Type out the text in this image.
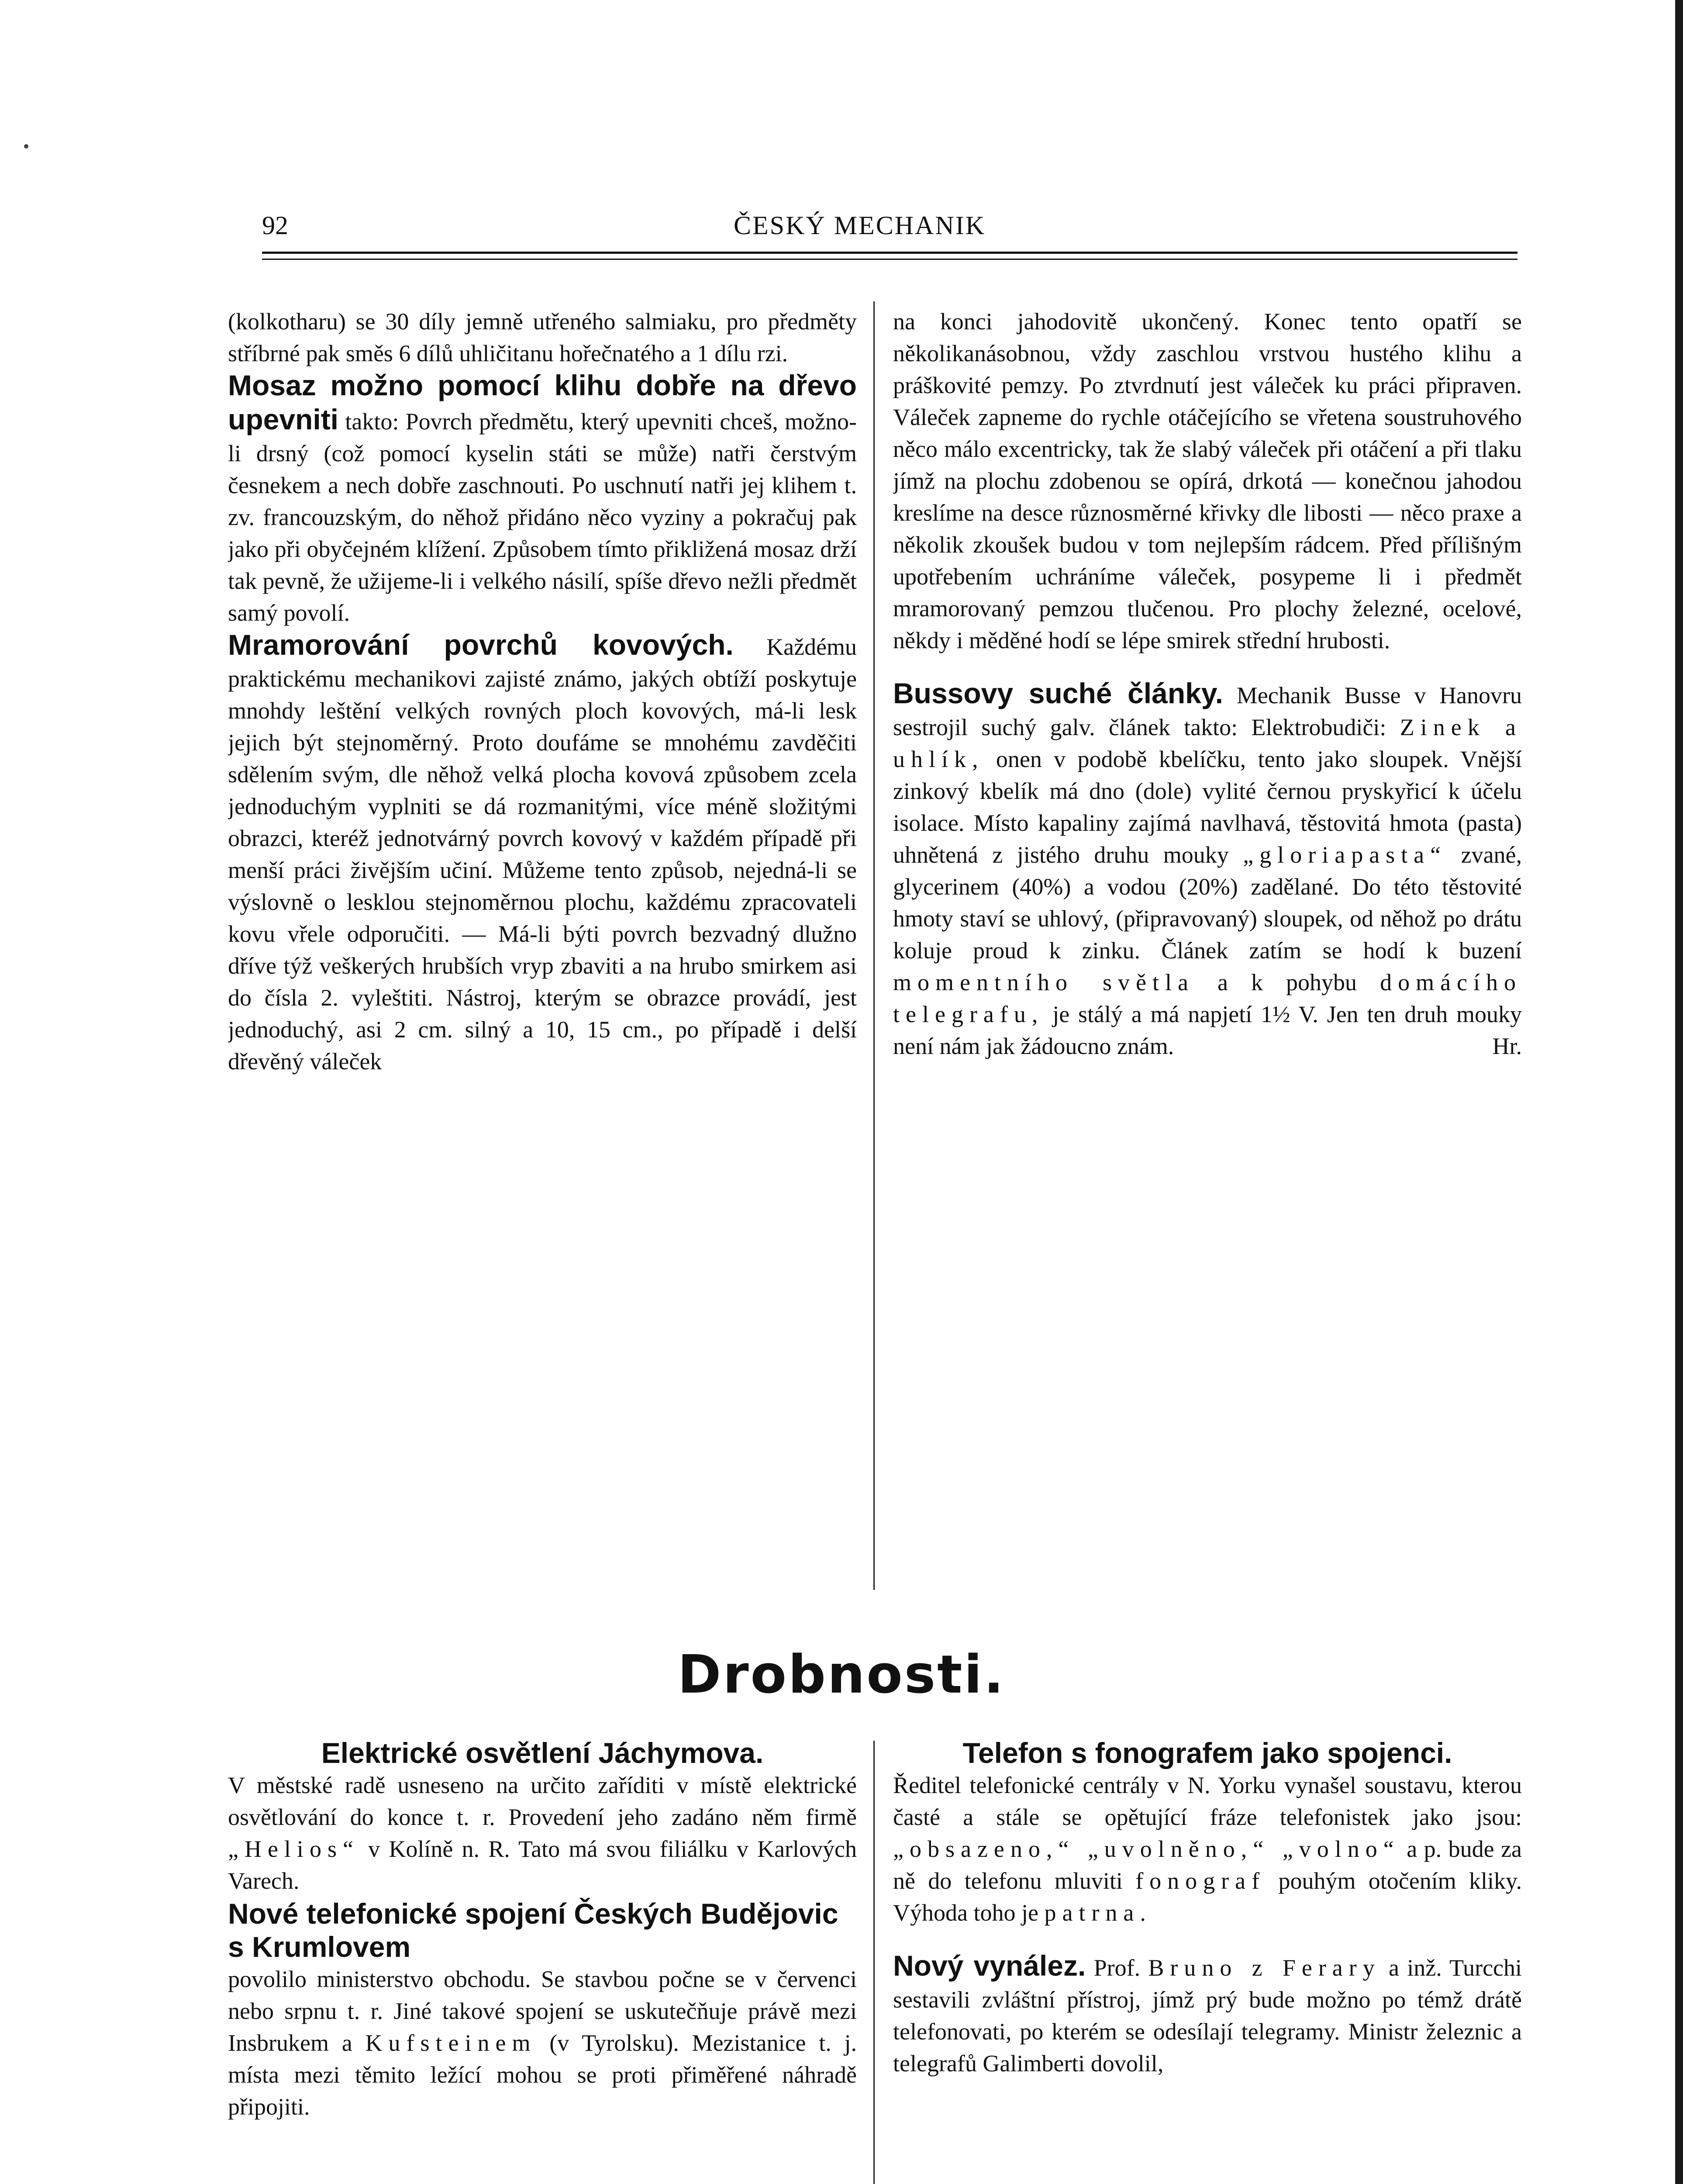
92	ČESKÝ MECHANIK

(kolkotharu) se 30 díly jemně utřeného salmiaku, pro předměty stříbrné pak směs 6 dílů uhličitanu hořečnatého a 1 dílu rzi.

Mosaz možno pomocí klihu dobře na dřevo upevniti takto: Povrch předmětu, který upevniti chceš, možno-li drsný (což pomocí kyselin státi se může) natři čerstvým česnekem a nech dobře zaschnouti. Po uschnutí natři jej klihem t. zv. francouzským, do něhož přidáno něco vyziny a pokračuj pak jako při obyčejném klížení. Způsobem tímto přikližená mosaz drží tak pevně, že užijeme-li i velkého násilí, spíše dřevo nežli předmět samý povolí.

Mramorování povrchů kovových. Každému praktickému mechanikovi zajisté známo, jakých obtíží poskytuje mnohdy leštění velkých rovných ploch kovových, má-li lesk jejich být stejnoměrný. Proto doufáme se mnohému zavděčiti sdělením svým, dle něhož velká plocha kovová způsobem zcela jednoduchým vyplniti se dá rozmanitými, více méně složitými obrazci, kteréž jednotvárný povrch kovový v každém případě při menší práci živějším učiní. Můžeme tento způsob, nejedná-li se výslovně o lesklou stejnoměrnou plochu, každému zpracovateli kovu vřele odporučiti. — Má-li býti povrch bezvadný dlužno dříve týž veškerých hrubších vryp zbaviti a na hrubo smirkem asi do čísla 2. vyleštiti. Nástroj, kterým se obrazce provádí, jest jednoduchý, asi 2 cm. silný a 10, 15 cm., po případě i delší dřevěný váleček

na konci jahodovitě ukončený. Konec tento opatří se několikanásobnou, vždy zaschlou vrstvou hustého klihu a práškovité pemzy. Po ztvrdnutí jest váleček ku práci připraven. Váleček zapneme do rychle otáčejícího se vřetena soustruhového něco málo excentricky, tak že slabý váleček při otáčení a při tlaku jímž na plochu zdobenou se opírá, drkotá — konečnou jahodou kreslíme na desce různosměrné křivky dle libosti — něco praxe a několik zkoušek budou v tom nejlepším rádcem. Před přílišným upotřebením uchráníme váleček, posypeme li i předmět mramorovaný pemzou tlučenou. Pro plochy železné, ocelové, někdy i měděné hodí se lépe smirek střední hrubosti.

Bussovy suché články. Mechanik Busse v Hanovru sestrojil suchý galv. článek takto: Elektrobudiči: Zinek a uhlík, onen v podobě kbelíčku, tento jako sloupek. Vnější zinkový kbelík má dno (dole) vylité černou pryskyřicí k účelu isolace. Místo kapaliny zajímá navlhavá, těstovitá hmota (pasta) uhnětená z jistého druhu mouky „gloriapasta“ zvané, glycerinem (40%) a vodou (20%) zadělané. Do této těstovité hmoty staví se uhlový, (připravovaný) sloupek, od něhož po drátu koluje proud k zinku. Článek zatím se hodí k buzení momentního světla a k pohybu domácího telegrafu, je stálý a má napjetí 1½ V. Jen ten druh mouky není nám jak žádoucno znám.	Hr.

Drobnosti.

Elektrické osvětlení Jáchymova.

V městské radě usneseno na určito zaříditi v místě elektrické osvětlování do konce t. r. Provedení jeho zadáno něm firmě „Helios“ v Kolíně n. R. Tato má svou filiálku v Karlových Varech.

Nové telefonické spojení Českých Budějovic s Krumlovem

povolilo ministerstvo obchodu. Se stavbou počne se v červenci nebo srpnu t. r. Jiné takové spojení se uskutečňuje právě mezi Insbrukem a Kufsteinem (v Tyrolsku). Mezistanice t. j. místa mezi těmito ležící mohou se proti přiměřené náhradě připojiti.

Telefon s fonografem jako spojenci.

Ředitel telefonické centrály v N. Yorku vynašel soustavu, kterou časté a stále se opětující fráze telefonistek jako jsou: „obsazeno,“ „uvolněno,“ „volno“ a p. bude za ně do telefonu mluviti fonograf pouhým otočením kliky. Výhoda toho je patrna.

Nový vynález. Prof. Bruno z Ferary a inž. Turcchi sestavili zvláštní přístroj, jímž prý bude možno po témž drátě telefonovati, po kterém se odesílají telegramy. Ministr železnic a telegrafů Galimberti dovolil,
